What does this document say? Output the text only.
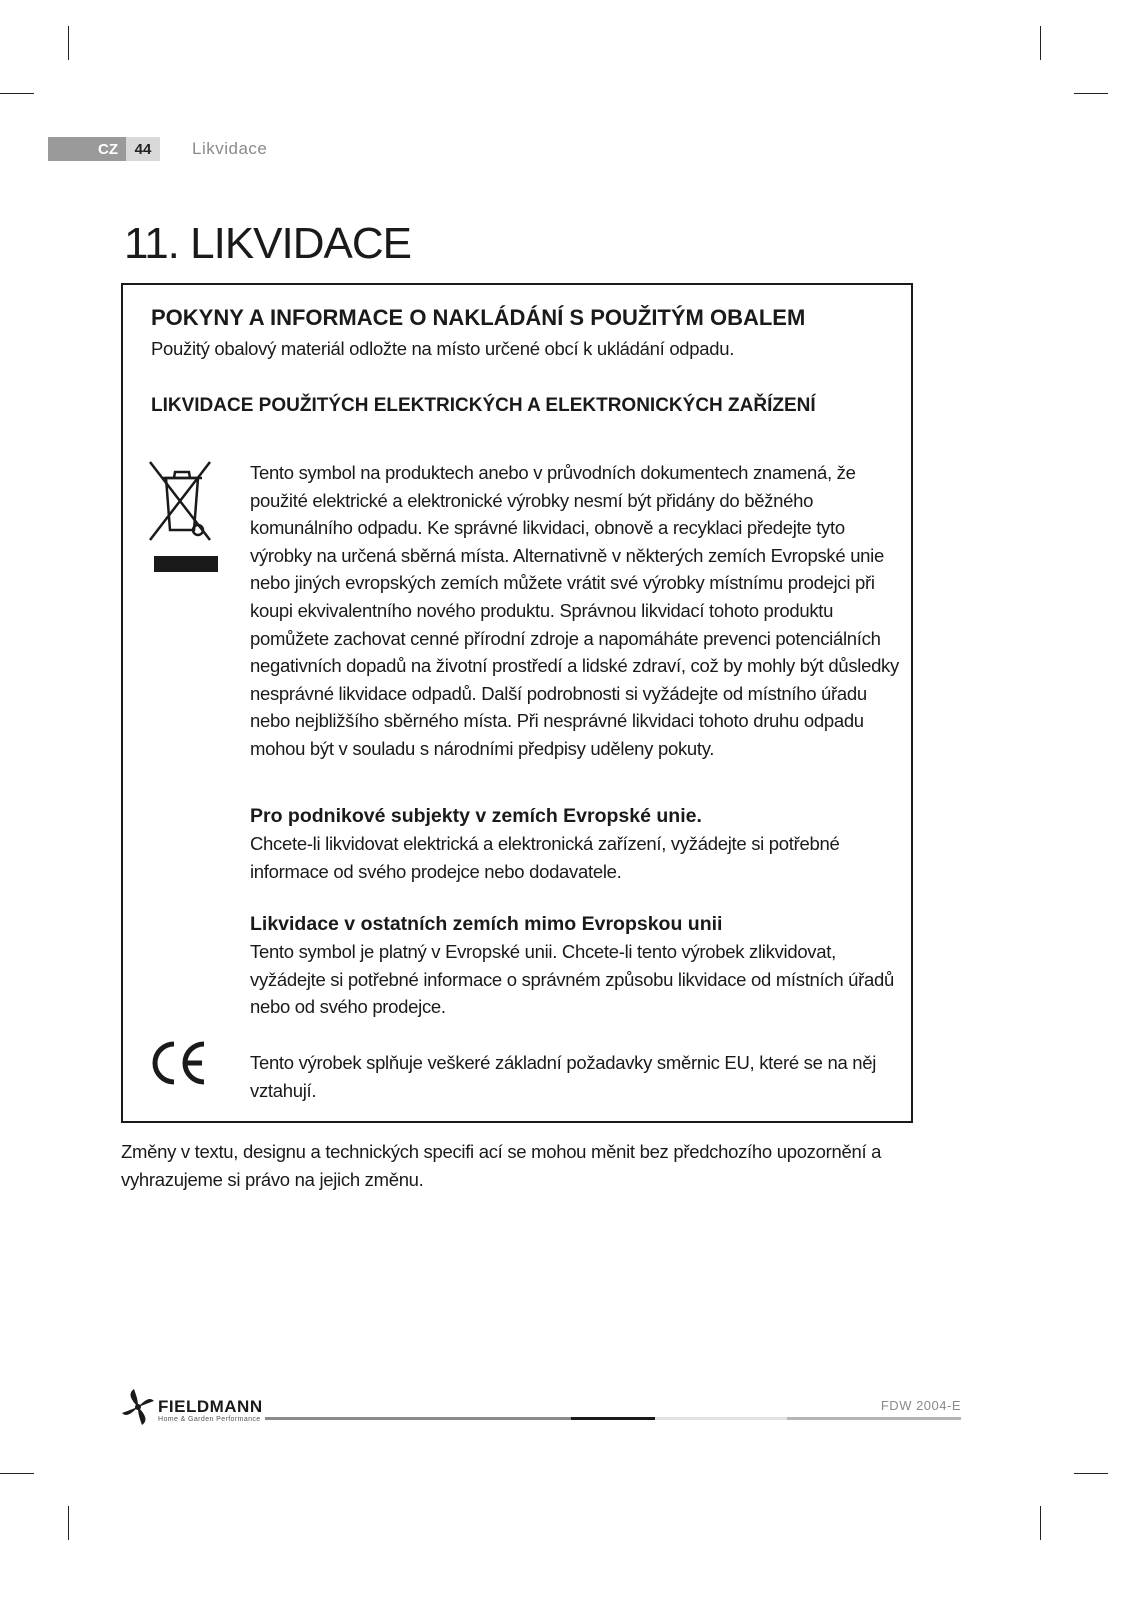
CZ	44	Likvidace
11. LIKVIDACE
POKYNY A INFORMACE O NAKLÁDÁNÍ S POUŽITÝM OBALEM

Použitý obalový materiál odložte na místo určené obcí k ukládání odpadu.

LIKVIDACE POUŽITÝCH ELEKTRICKÝCH A ELEKTRONICKÝCH ZAŘÍZENÍ

Tento symbol na produktech anebo v průvodních dokumentech znamená, že použité elektrické a elektronické výrobky nesmí být přidány do běžného komunálního odpadu. Ke správné likvidaci, obnově a recyklaci předejte tyto výrobky na určená sběrná místa. Alternativně v některých zemích Evropské unie nebo jiných evropských zemích můžete vrátit své výrobky místnímu prodejci při koupi ekvivalentního nového produktu. Správnou likvidací tohoto produktu pomůžete zachovat cenné přírodní zdroje a napomáháte prevenci potenciálních negativních dopadů na životní prostředí a lidské zdraví, což by mohly být důsledky nesprávné likvidace odpadů. Další podrobnosti si vyžádejte od místního úřadu nebo nejbližšího sběrného místa. Při nesprávné likvidaci tohoto druhu odpadu mohou být v souladu s národními předpisy uděleny pokuty.

Pro podnikové subjekty v zemích Evropské unie.

Chcete-li likvidovat elektrická a elektronická zařízení, vyžádejte si potřebné informace od svého prodejce nebo dodavatele.

Likvidace v ostatních zemích mimo Evropskou unii

Tento symbol je platný v Evropské unii. Chcete-li tento výrobek zlikvidovat, vyžádejte si potřebné informace o správném způsobu likvidace od místních úřadů nebo od svého prodejce.

Tento výrobek splňuje veškeré základní požadavky směrnic EU, které se na něj vztahují.

Změny v textu, designu a technických specifi ací se mohou měnit bez předchozího upozornění a vyhrazujeme si právo na jejich změnu.

FIELDMANN
Home & Garden Performance
FDW 2004-E
